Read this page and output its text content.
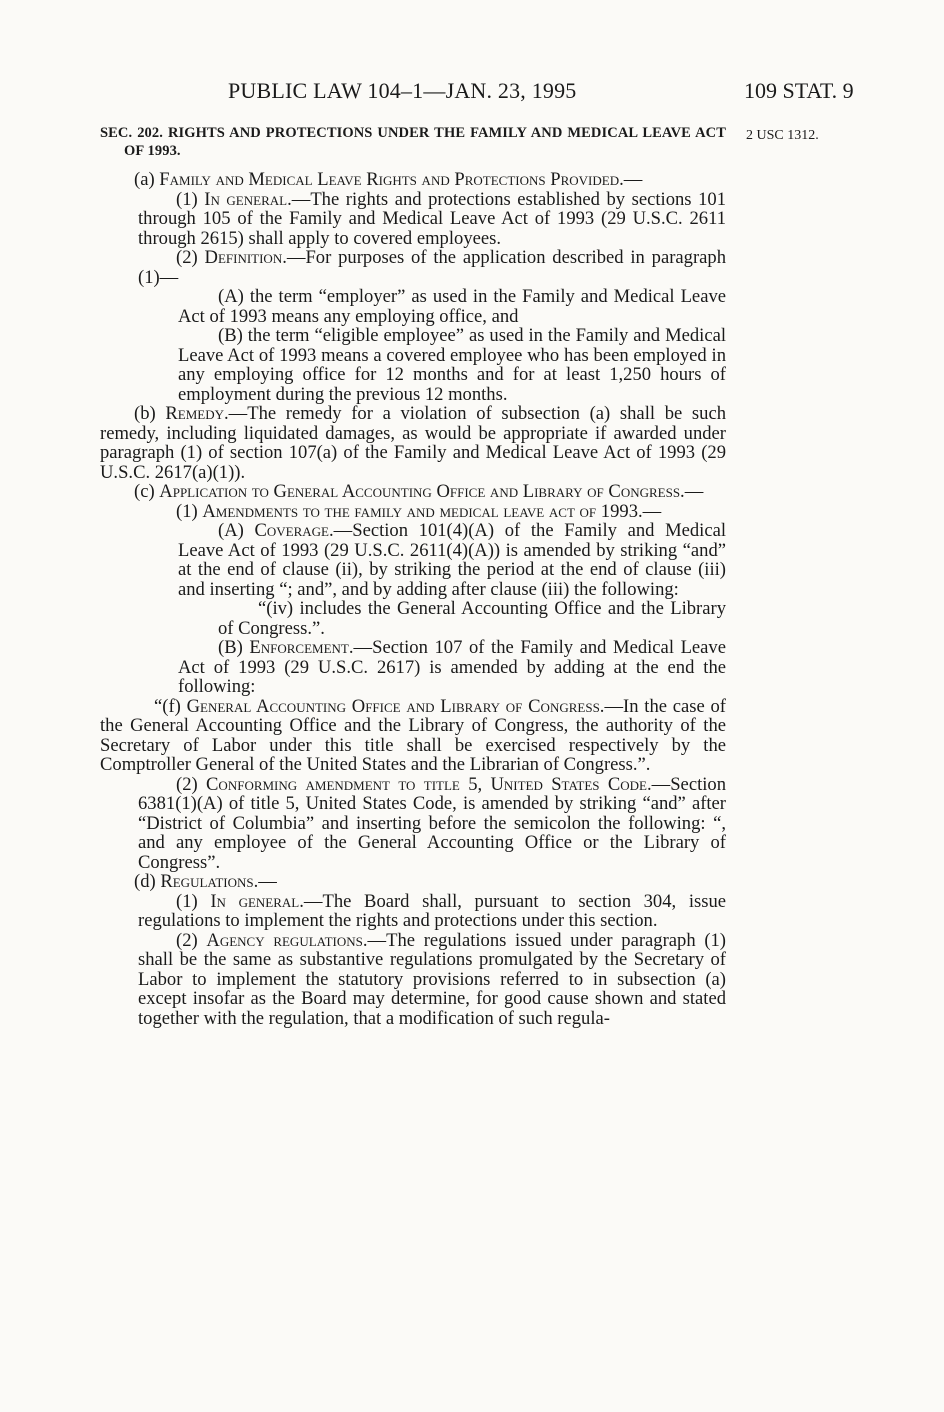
PUBLIC LAW 104–1—JAN. 23, 1995	109 STAT. 9
2 USC 1312.

SEC. 202. RIGHTS AND PROTECTIONS UNDER THE FAMILY AND MEDICAL LEAVE ACT OF 1993.

(a) Family and Medical Leave Rights and Protections Provided.—

(1) In general.—The rights and protections established by sections 101 through 105 of the Family and Medical Leave Act of 1993 (29 U.S.C. 2611 through 2615) shall apply to covered employees.

(2) Definition.—For purposes of the application described in paragraph (1)—

(A) the term “employer” as used in the Family and Medical Leave Act of 1993 means any employing office, and

(B) the term “eligible employee” as used in the Family and Medical Leave Act of 1993 means a covered employee who has been employed in any employing office for 12 months and for at least 1,250 hours of employment during the previous 12 months.

(b) Remedy.—The remedy for a violation of subsection (a) shall be such remedy, including liquidated damages, as would be appropriate if awarded under paragraph (1) of section 107(a) of the Family and Medical Leave Act of 1993 (29 U.S.C. 2617(a)(1)).

(c) Application to General Accounting Office and Library of Congress.—

(1) Amendments to the family and medical leave act of 1993.—

(A) Coverage.—Section 101(4)(A) of the Family and Medical Leave Act of 1993 (29 U.S.C. 2611(4)(A)) is amended by striking “and” at the end of clause (ii), by striking the period at the end of clause (iii) and inserting “; and”, and by adding after clause (iii) the following:

“(iv) includes the General Accounting Office and the Library of Congress.”.

(B) Enforcement.—Section 107 of the Family and Medical Leave Act of 1993 (29 U.S.C. 2617) is amended by adding at the end the following:

“(f) General Accounting Office and Library of Congress.—In the case of the General Accounting Office and the Library of Congress, the authority of the Secretary of Labor under this title shall be exercised respectively by the Comptroller General of the United States and the Librarian of Congress.”.

(2) Conforming amendment to title 5, United States Code.—Section 6381(1)(A) of title 5, United States Code, is amended by striking “and” after “District of Columbia” and inserting before the semicolon the following: “, and any employee of the General Accounting Office or the Library of Congress”.

(d) Regulations.—

(1) In general.—The Board shall, pursuant to section 304, issue regulations to implement the rights and protections under this section.

(2) Agency regulations.—The regulations issued under paragraph (1) shall be the same as substantive regulations promulgated by the Secretary of Labor to implement the statutory provisions referred to in subsection (a) except insofar as the Board may determine, for good cause shown and stated together with the regulation, that a modification of such regula-
